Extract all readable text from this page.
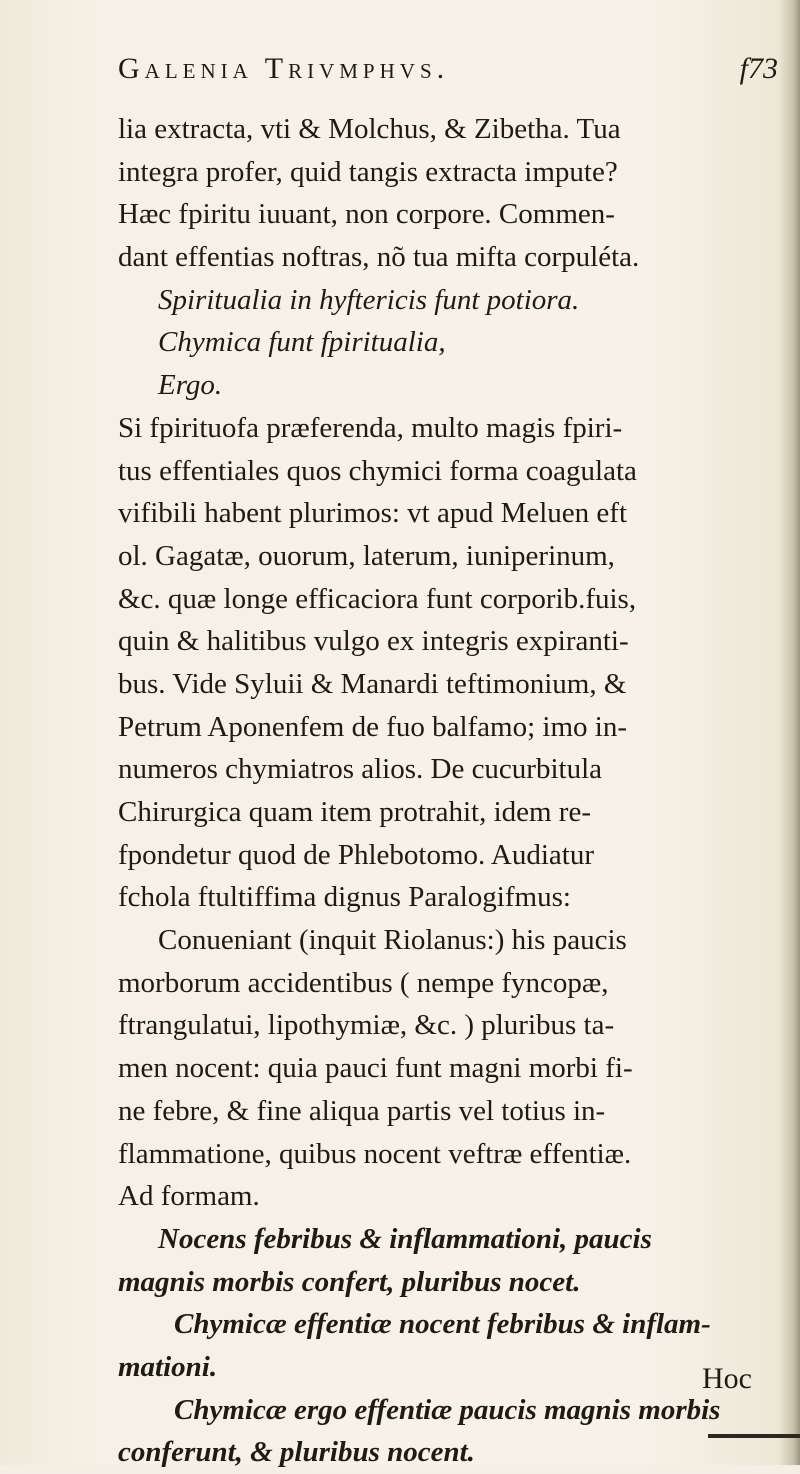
Galenia Trivmphvs.	f73
lia extracta, vti & Molchus, & Zibetha. Tua
integra profer, quid tangis extracta impute?
Hæc fpiritu iuuant, non corpore. Commen-
dant effentias noftras, nõ tua mifta corpuléta.
Spiritualia in hyftericis funt potiora.
Chymica funt fpiritualia,
Ergo.
Si fpirituofa præferenda, multo magis fpiri-
tus effentiales quos chymici forma coagulata
vifibili habent plurimos: vt apud Meluen eft
ol. Gagatæ, ouorum, laterum, iuniperinum,
&c. quæ longe efficaciora funt corporib.fuis,
quin & halitibus vulgo ex integris expiranti-
bus. Vide Syluii & Manardi teftimonium, &
Petrum Aponenfem de fuo balfamo; imo in-
numeros chymiatros alios. De cucurbitula
Chirurgica quam item protrahit, idem re-
fpondetur quod de Phlebotomo. Audiatur
fchola ftultiffima dignus Paralogifmus:
Conueniant (inquit Riolanus:) his paucis
morborum accidentibus ( nempe fyncopæ,
ftrangulatui, lipothymiæ, &c. ) pluribus ta-
men nocent: quia pauci funt magni morbi fi-
ne febre, & fine aliqua partis vel totius in-
flammatione, quibus nocent veftræ effentiæ.
Ad formam.
Nocens febribus & inflammationi, paucis
magnis morbis confert, pluribus nocet.
Chymicæ effentiæ nocent febribus & inflam-
mationi.
Chymicæ ergo effentiæ paucis magnis morbis
conferunt, & pluribus nocent.
Hoc
